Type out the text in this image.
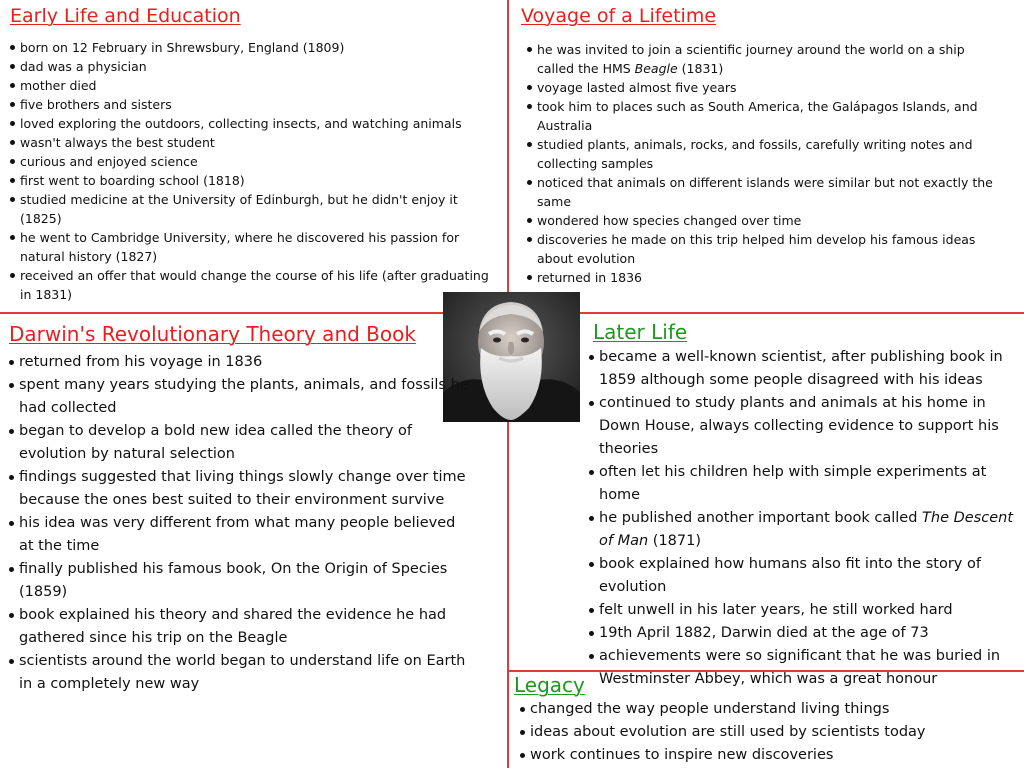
Early Life and Education
born on 12 February in Shrewsbury, England (1809)
dad was a physician
mother died
five brothers and sisters
loved exploring the outdoors, collecting insects, and watching animals
wasn't always the best student
curious and enjoyed science
first went to boarding school (1818)
studied medicine at the University of Edinburgh, but he didn't enjoy it (1825)
he went to Cambridge University, where he discovered his passion for natural history (1827)
received an offer that would change the course of his life (after graduating in 1831)
Voyage of a Lifetime
he was invited to join a scientific journey around the world on a ship called the HMS Beagle (1831)
voyage lasted almost five years
took him to places such as South America, the Galápagos Islands, and Australia
studied plants, animals, rocks, and fossils, carefully writing notes and collecting samples
noticed that animals on different islands were similar but not exactly the same
wondered how species changed over time
discoveries he made on this trip helped him develop his famous ideas about evolution
returned in 1836
Darwin's Revolutionary Theory and Book
returned from his voyage in 1836
spent many years studying the plants, animals, and fossils he had collected
began to develop a bold new idea called the theory of evolution by natural selection
findings suggested that living things slowly change over time because the ones best suited to their environment survive
his idea was very different from what many people believed at the time
finally published his famous book, On the Origin of Species (1859)
book explained his theory and shared the evidence he had gathered since his trip on the Beagle
scientists around the world began to understand life on Earth in a completely new way
Later Life
became a well-known scientist, after publishing book in 1859 although some people disagreed with his ideas
continued to study plants and animals at his home in Down House, always collecting evidence to support his theories
often let his children help with simple experiments at home
he published another important book called The Descent of Man (1871)
book explained how humans also fit into the story of evolution
felt unwell in his later years, he still worked hard
19th April 1882, Darwin died at the age of 73
achievements were so significant that he was buried in Westminster Abbey, which was a great honour
Legacy
changed the way people understand living things
ideas about evolution are still used by scientists today
work continues to inspire new discoveries
